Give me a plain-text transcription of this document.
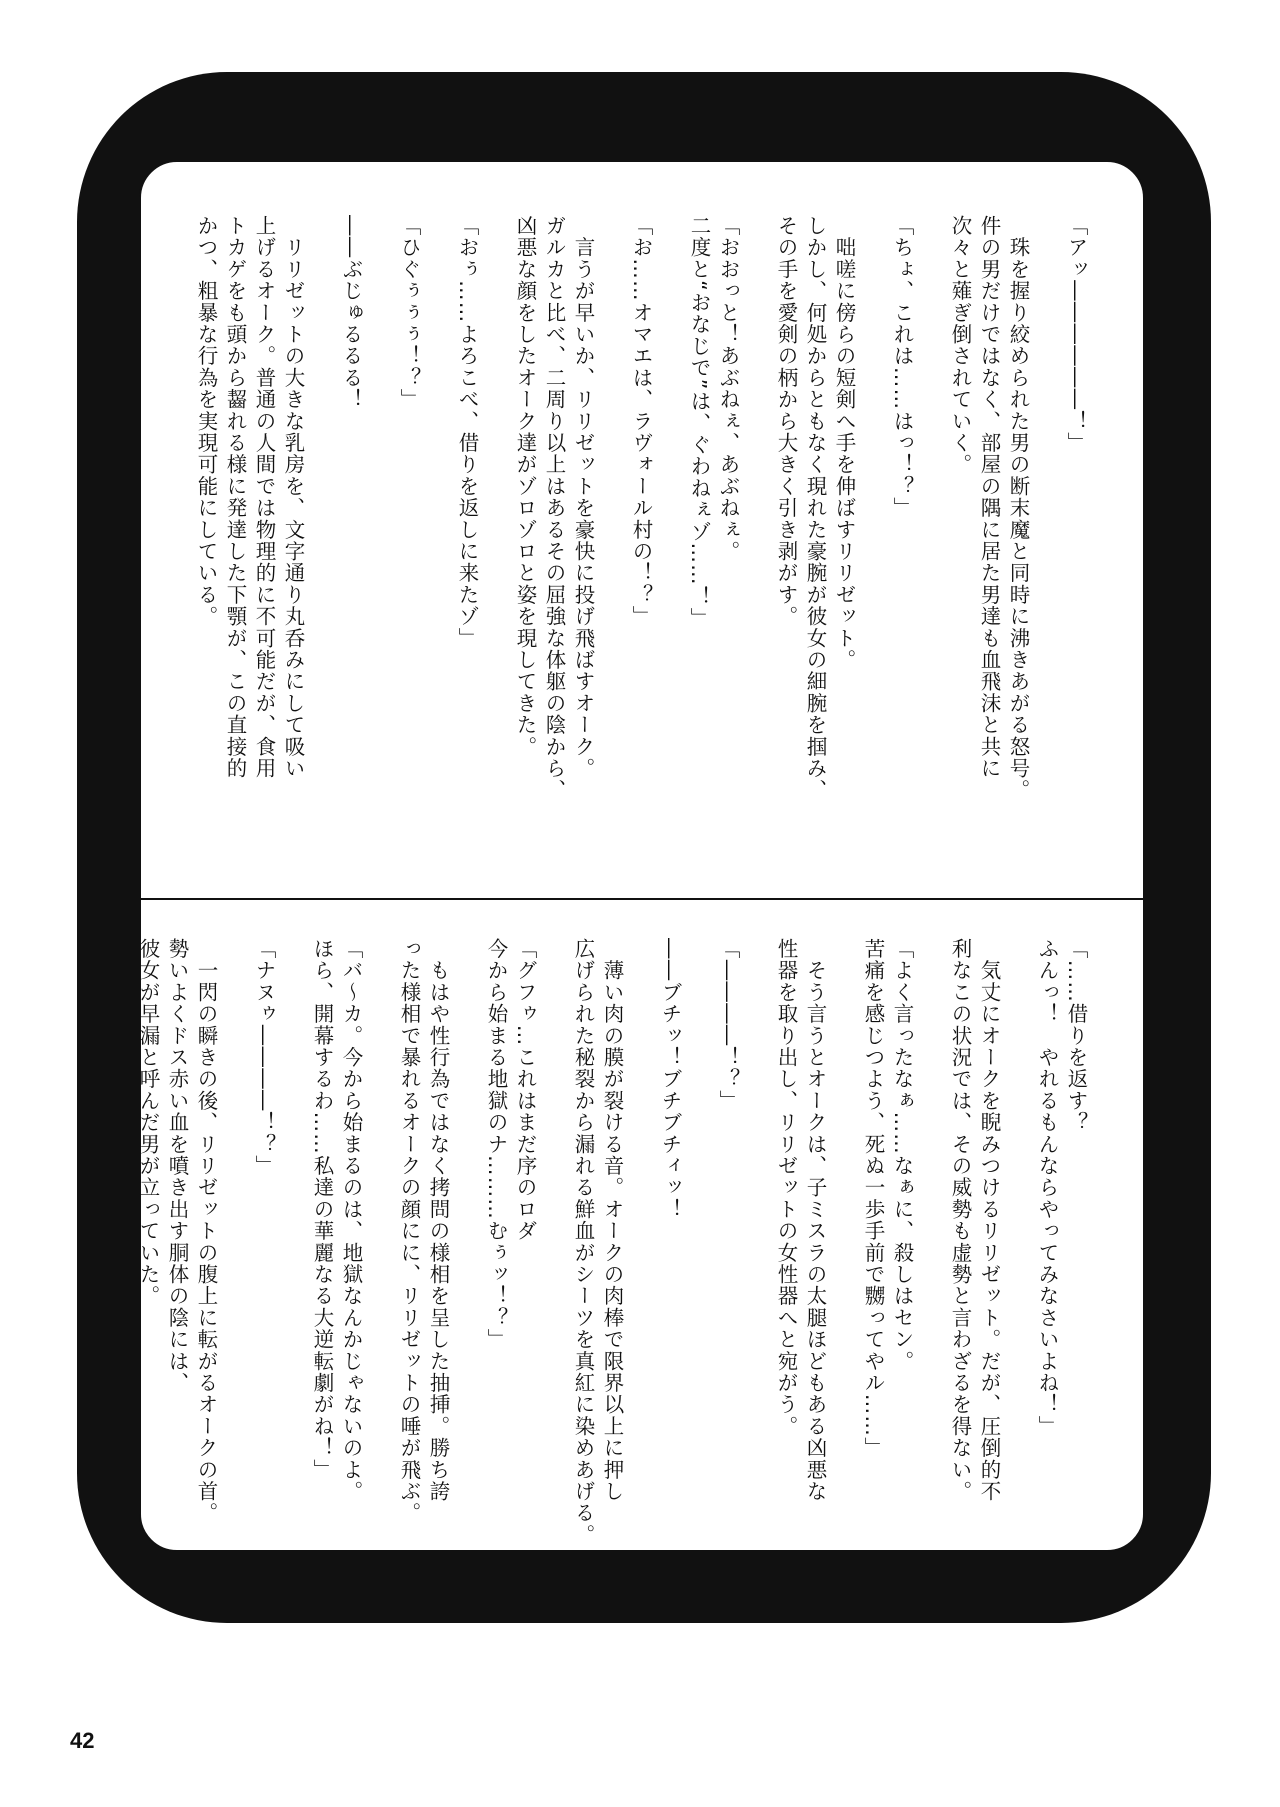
「アッ――――――！」
　珠を握り絞められた男の断末魔と同時に沸きあがる怒号。
件の男だけではなく、部屋の隅に居た男達も血飛沫と共に
次々と薙ぎ倒されていく。
「ちょ、これは……はっ！？」
　咄嗟に傍らの短剣へ手を伸ばすリリゼット。
しかし、何処からともなく現れた豪腕が彼女の細腕を掴み、
その手を愛剣の柄から大きく引き剥がす。
「おおっと！あぶねぇ、あぶねぇ。
二度と“おなじで”は、ぐわねぇゾ……！」
「お……オマエは、ラヴォール村の！？」
　言うが早いか、リリゼットを豪快に投げ飛ばすオーク。
ガルカと比べ、二周り以上はあるその屈強な体躯の陰から、
凶悪な顔をしたオーク達がゾロゾロと姿を現してきた。
「おぅ……よろこべ、借りを返しに来たゾ」
「ひぐぅぅぅ！？」
――ぶじゅるるる！
　リリゼットの大きな乳房を、文字通り丸呑みにして吸い
上げるオーク。普通の人間では物理的に不可能だが、食用
トカゲをも頭から齧れる様に発達した下顎が、この直接的
かつ、粗暴な行為を実現可能にしている。
「……借りを返す？
ふんっ！　やれるもんならやってみなさいよね！」
　気丈にオークを睨みつけるリリゼット。だが、圧倒的不
利なこの状況では、その威勢も虚勢と言わざるを得ない。
「よく言ったなぁ……なぁに、殺しはセン。
苦痛を感じつよう、死ぬ一歩手前で嬲ってやル……」
　そう言うとオークは、子ミスラの太腿ほどもある凶悪な
性器を取り出し、リリゼットの女性器へと宛がう。
「――――！？」
――ブチッ！ブチブチィッ！
　薄い肉の膜が裂ける音。オークの肉棒で限界以上に押し
広げられた秘裂から漏れる鮮血がシーツを真紅に染めあげる。
「グフゥ…これはまだ序のロダ
今から始まる地獄のナ………むぅッ！？」
　もはや性行為ではなく拷問の様相を呈した抽挿。勝ち誇
った様相で暴れるオークの顔にに、リリゼットの唾が飛ぶ。
「バ～カ。今から始まるのは、地獄なんかじゃないのよ。
ほら、開幕するわ……私達の華麗なる大逆転劇がね！」
「ナヌゥ――――！？」
　一閃の瞬きの後、リリゼットの腹上に転がるオークの首。
勢いよくドス赤い血を噴き出す胴体の陰には、
彼女が早漏と呼んだ男が立っていた。
42
